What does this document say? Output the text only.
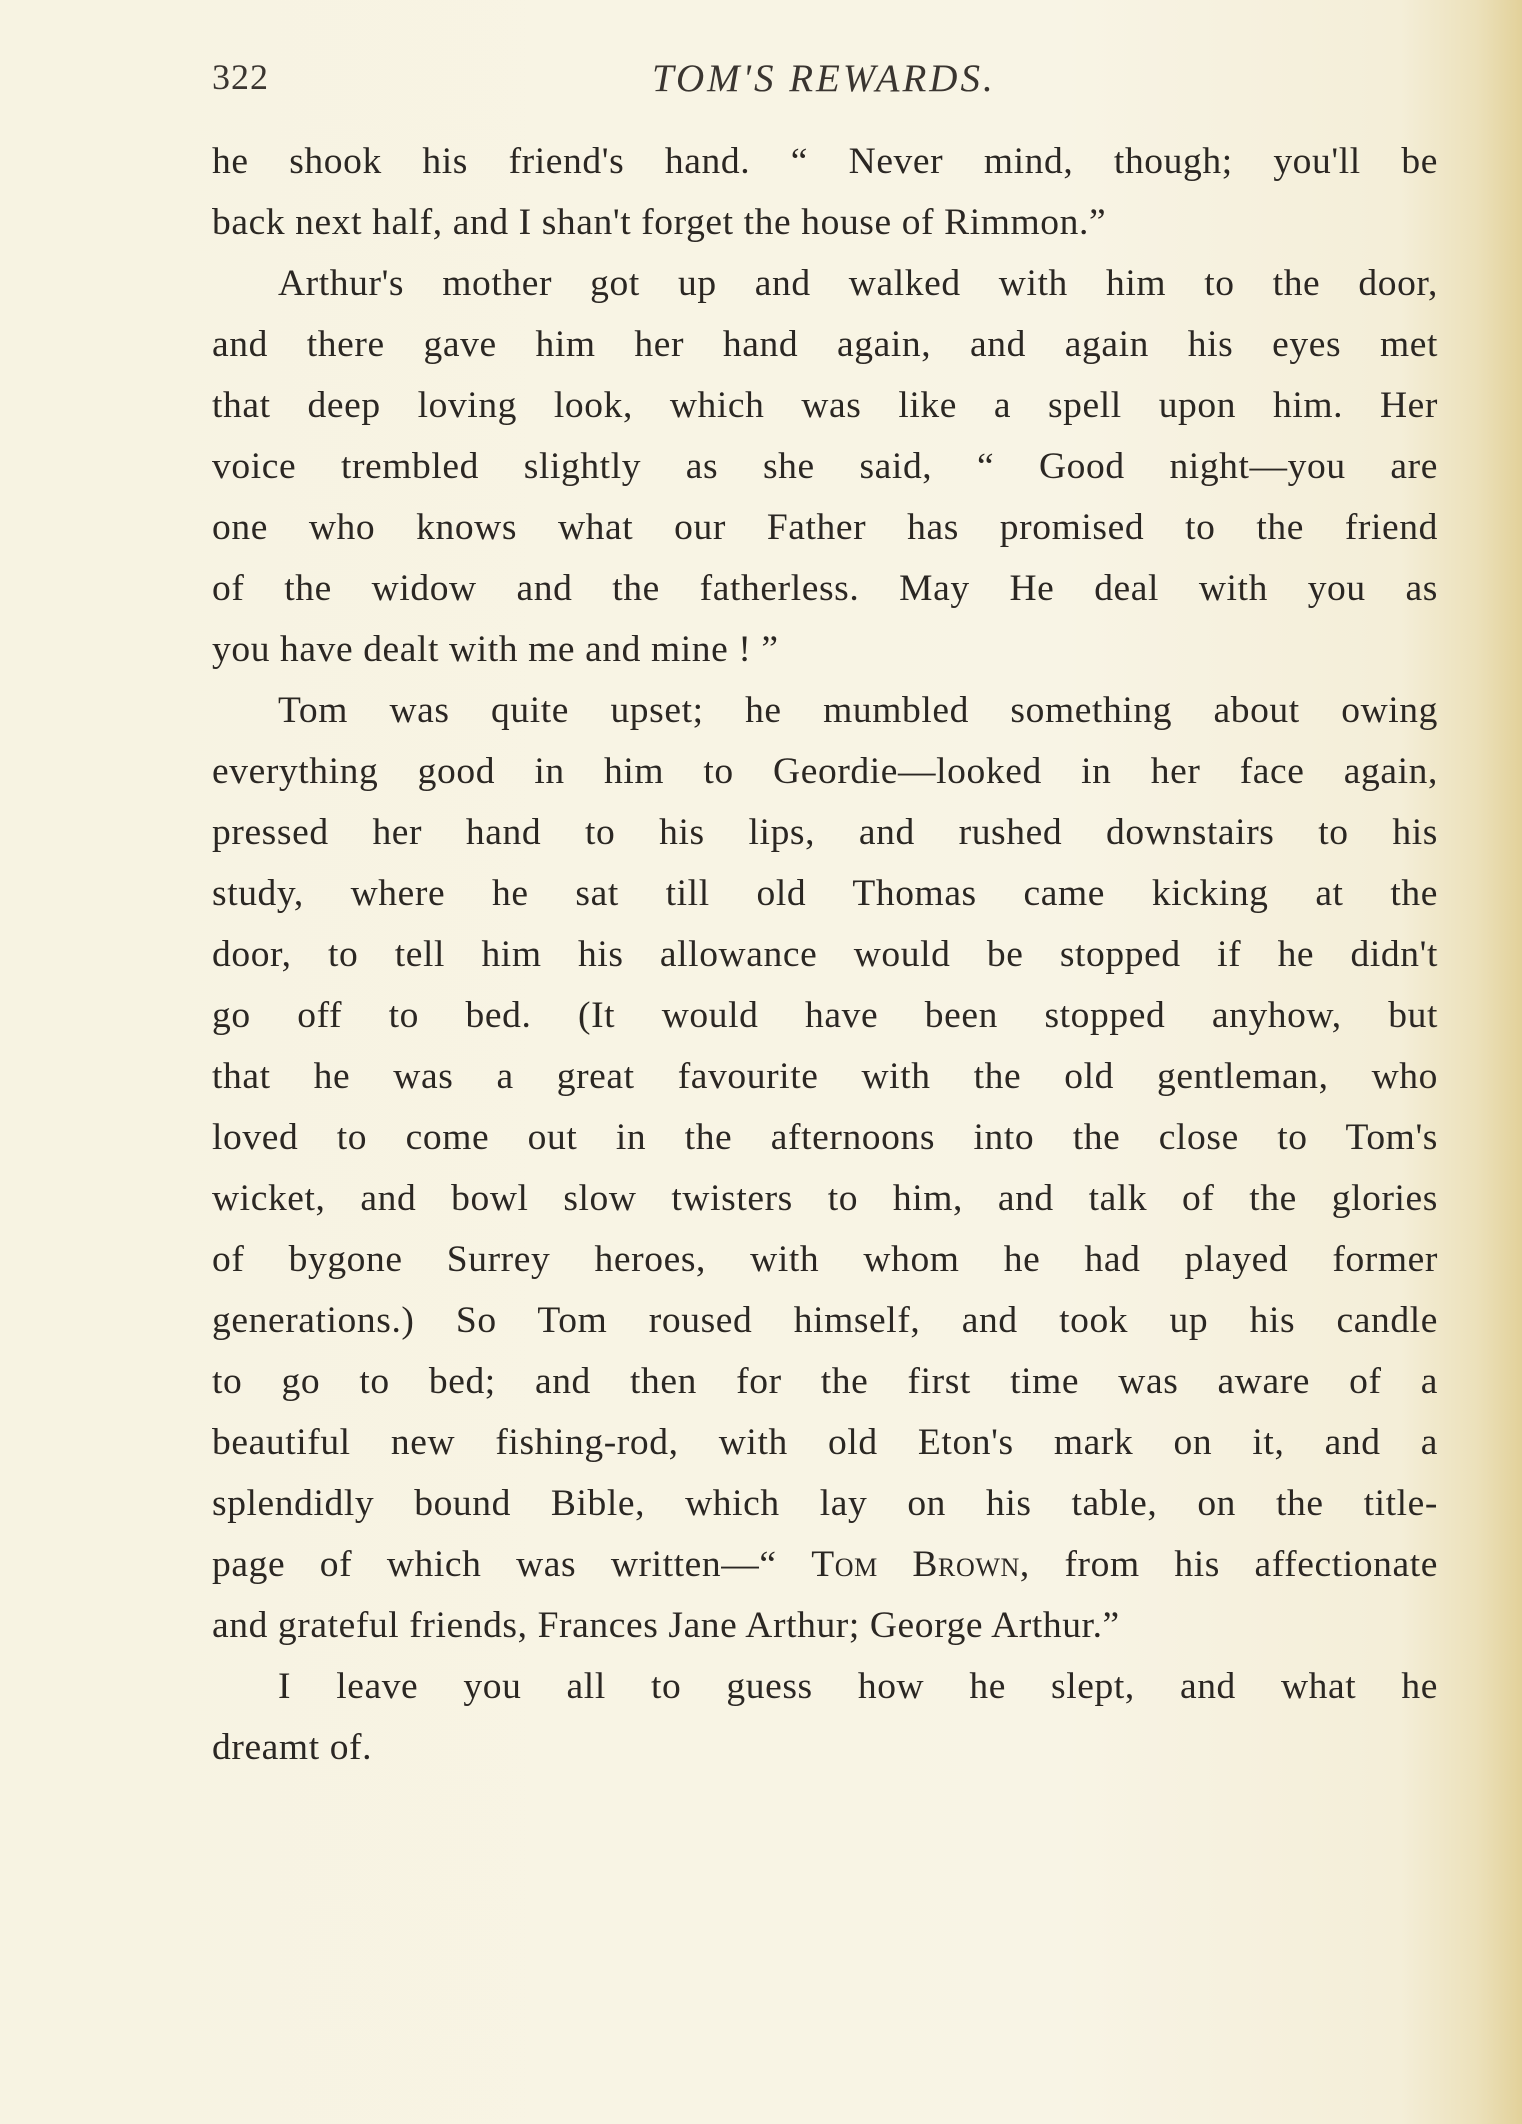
322	TOM'S REWARDS.
he shook his friend's hand. “ Never mind, though; you'll be
back next half, and I shan't forget the house of Rimmon.”
Arthur's mother got up and walked with him to the door,
and there gave him her hand again, and again his eyes met
that deep loving look, which was like a spell upon him. Her
voice trembled slightly as she said, “ Good night—you are
one who knows what our Father has promised to the friend
of the widow and the fatherless. May He deal with you as
you have dealt with me and mine ! ”
Tom was quite upset; he mumbled something about owing
everything good in him to Geordie—looked in her face again,
pressed her hand to his lips, and rushed downstairs to his
study, where he sat till old Thomas came kicking at the
door, to tell him his allowance would be stopped if he didn't
go off to bed. (It would have been stopped anyhow, but
that he was a great favourite with the old gentleman, who
loved to come out in the afternoons into the close to Tom's
wicket, and bowl slow twisters to him, and talk of the glories
of bygone Surrey heroes, with whom he had played former
generations.) So Tom roused himself, and took up his candle
to go to bed; and then for the first time was aware of a
beautiful new fishing-rod, with old Eton's mark on it, and a
splendidly bound Bible, which lay on his table, on the title-
page of which was written—“ Tom Brown, from his affectionate
and grateful friends, Frances Jane Arthur; George Arthur.”
I leave you all to guess how he slept, and what he
dreamt of.
